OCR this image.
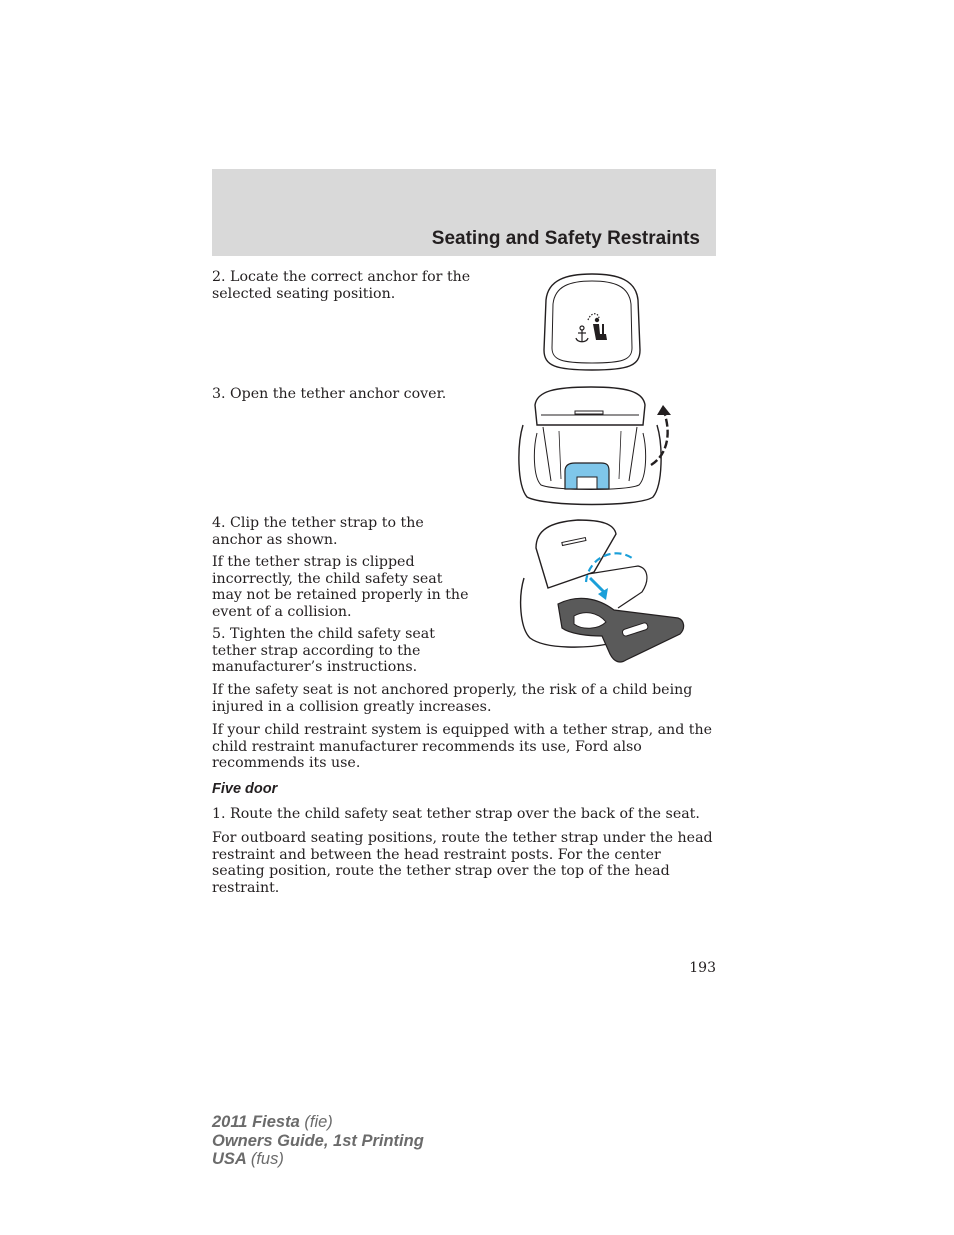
Seating and Safety Restraints

2. Locate the correct anchor for the selected seating position.

3. Open the tether anchor cover.

4. Clip the tether strap to the anchor as shown.

If the tether strap is clipped incorrectly, the child safety seat may not be retained properly in the event of a collision.

5. Tighten the child safety seat tether strap according to the manufacturer’s instructions.

If the safety seat is not anchored properly, the risk of a child being injured in a collision greatly increases.

If your child restraint system is equipped with a tether strap, and the child restraint manufacturer recommends its use, Ford also recommends its use.

Five door

1. Route the child safety seat tether strap over the back of the seat.

For outboard seating positions, route the tether strap under the head restraint and between the head restraint posts. For the center seating position, route the tether strap over the top of the head restraint.

193
2011 Fiesta (fie)
Owners Guide, 1st Printing
USA (fus)
